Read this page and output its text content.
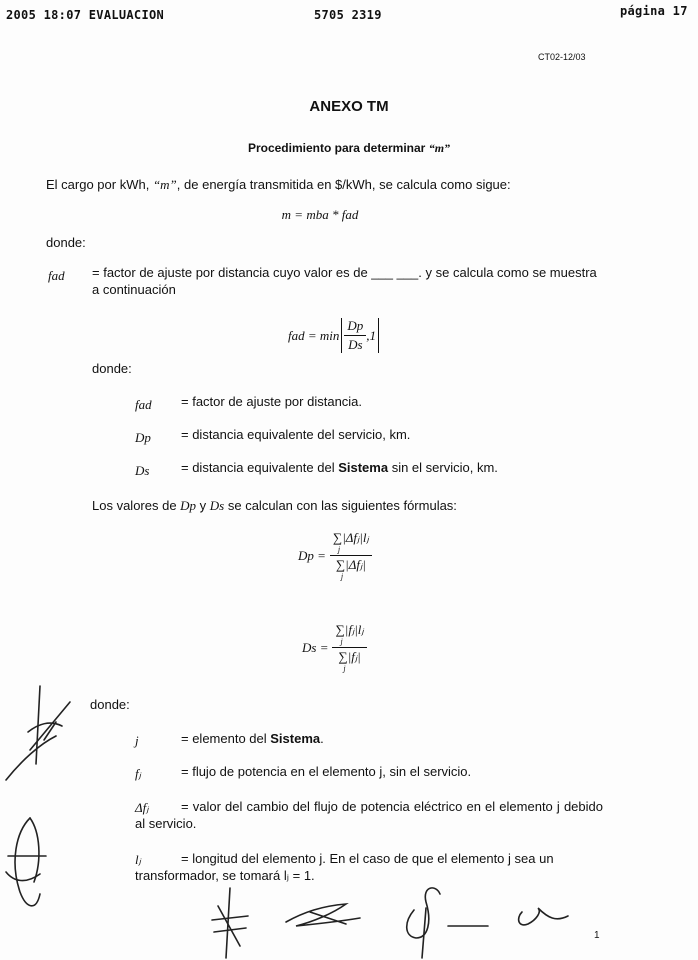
2005 18:07 EVALUACION	5705 2319	página 17
CT02-12/03
ANEXO TM
Procedimiento para determinar “m”
El cargo por kWh, “m”, de energía transmitida en $/kWh, se calcula como sigue:
m = mba * fad
donde:
fad = factor de ajuste por distancia cuyo valor es de ___ ___. y se calcula como se muestra a continuación
fad = $\min \frac{Dp}{Ds} ,1$
donde:
fad = factor de ajuste por distancia.
Dp = distancia equivalente del servicio, km.
Ds = distancia equivalente del Sistema sin el servicio, km.
Los valores de Dp y Ds se calculan con las siguientes fórmulas:
Dp = ∑|Δfⱼ|lⱼ
j
∑|Δfⱼ|
j
Ds = ∑|fⱼ|lⱼ
j
∑|fⱼ|
j
donde:
j	= elemento del Sistema.
fⱼ	= flujo de potencia en el elemento j, sin el servicio.
Δfⱼ	= valor del cambio del flujo de potencia eléctrico en el elemento j debido al servicio.
lⱼ	= longitud del elemento j. En el caso de que el elemento j sea un transformador, se tomará lⱼ = 1.
1
